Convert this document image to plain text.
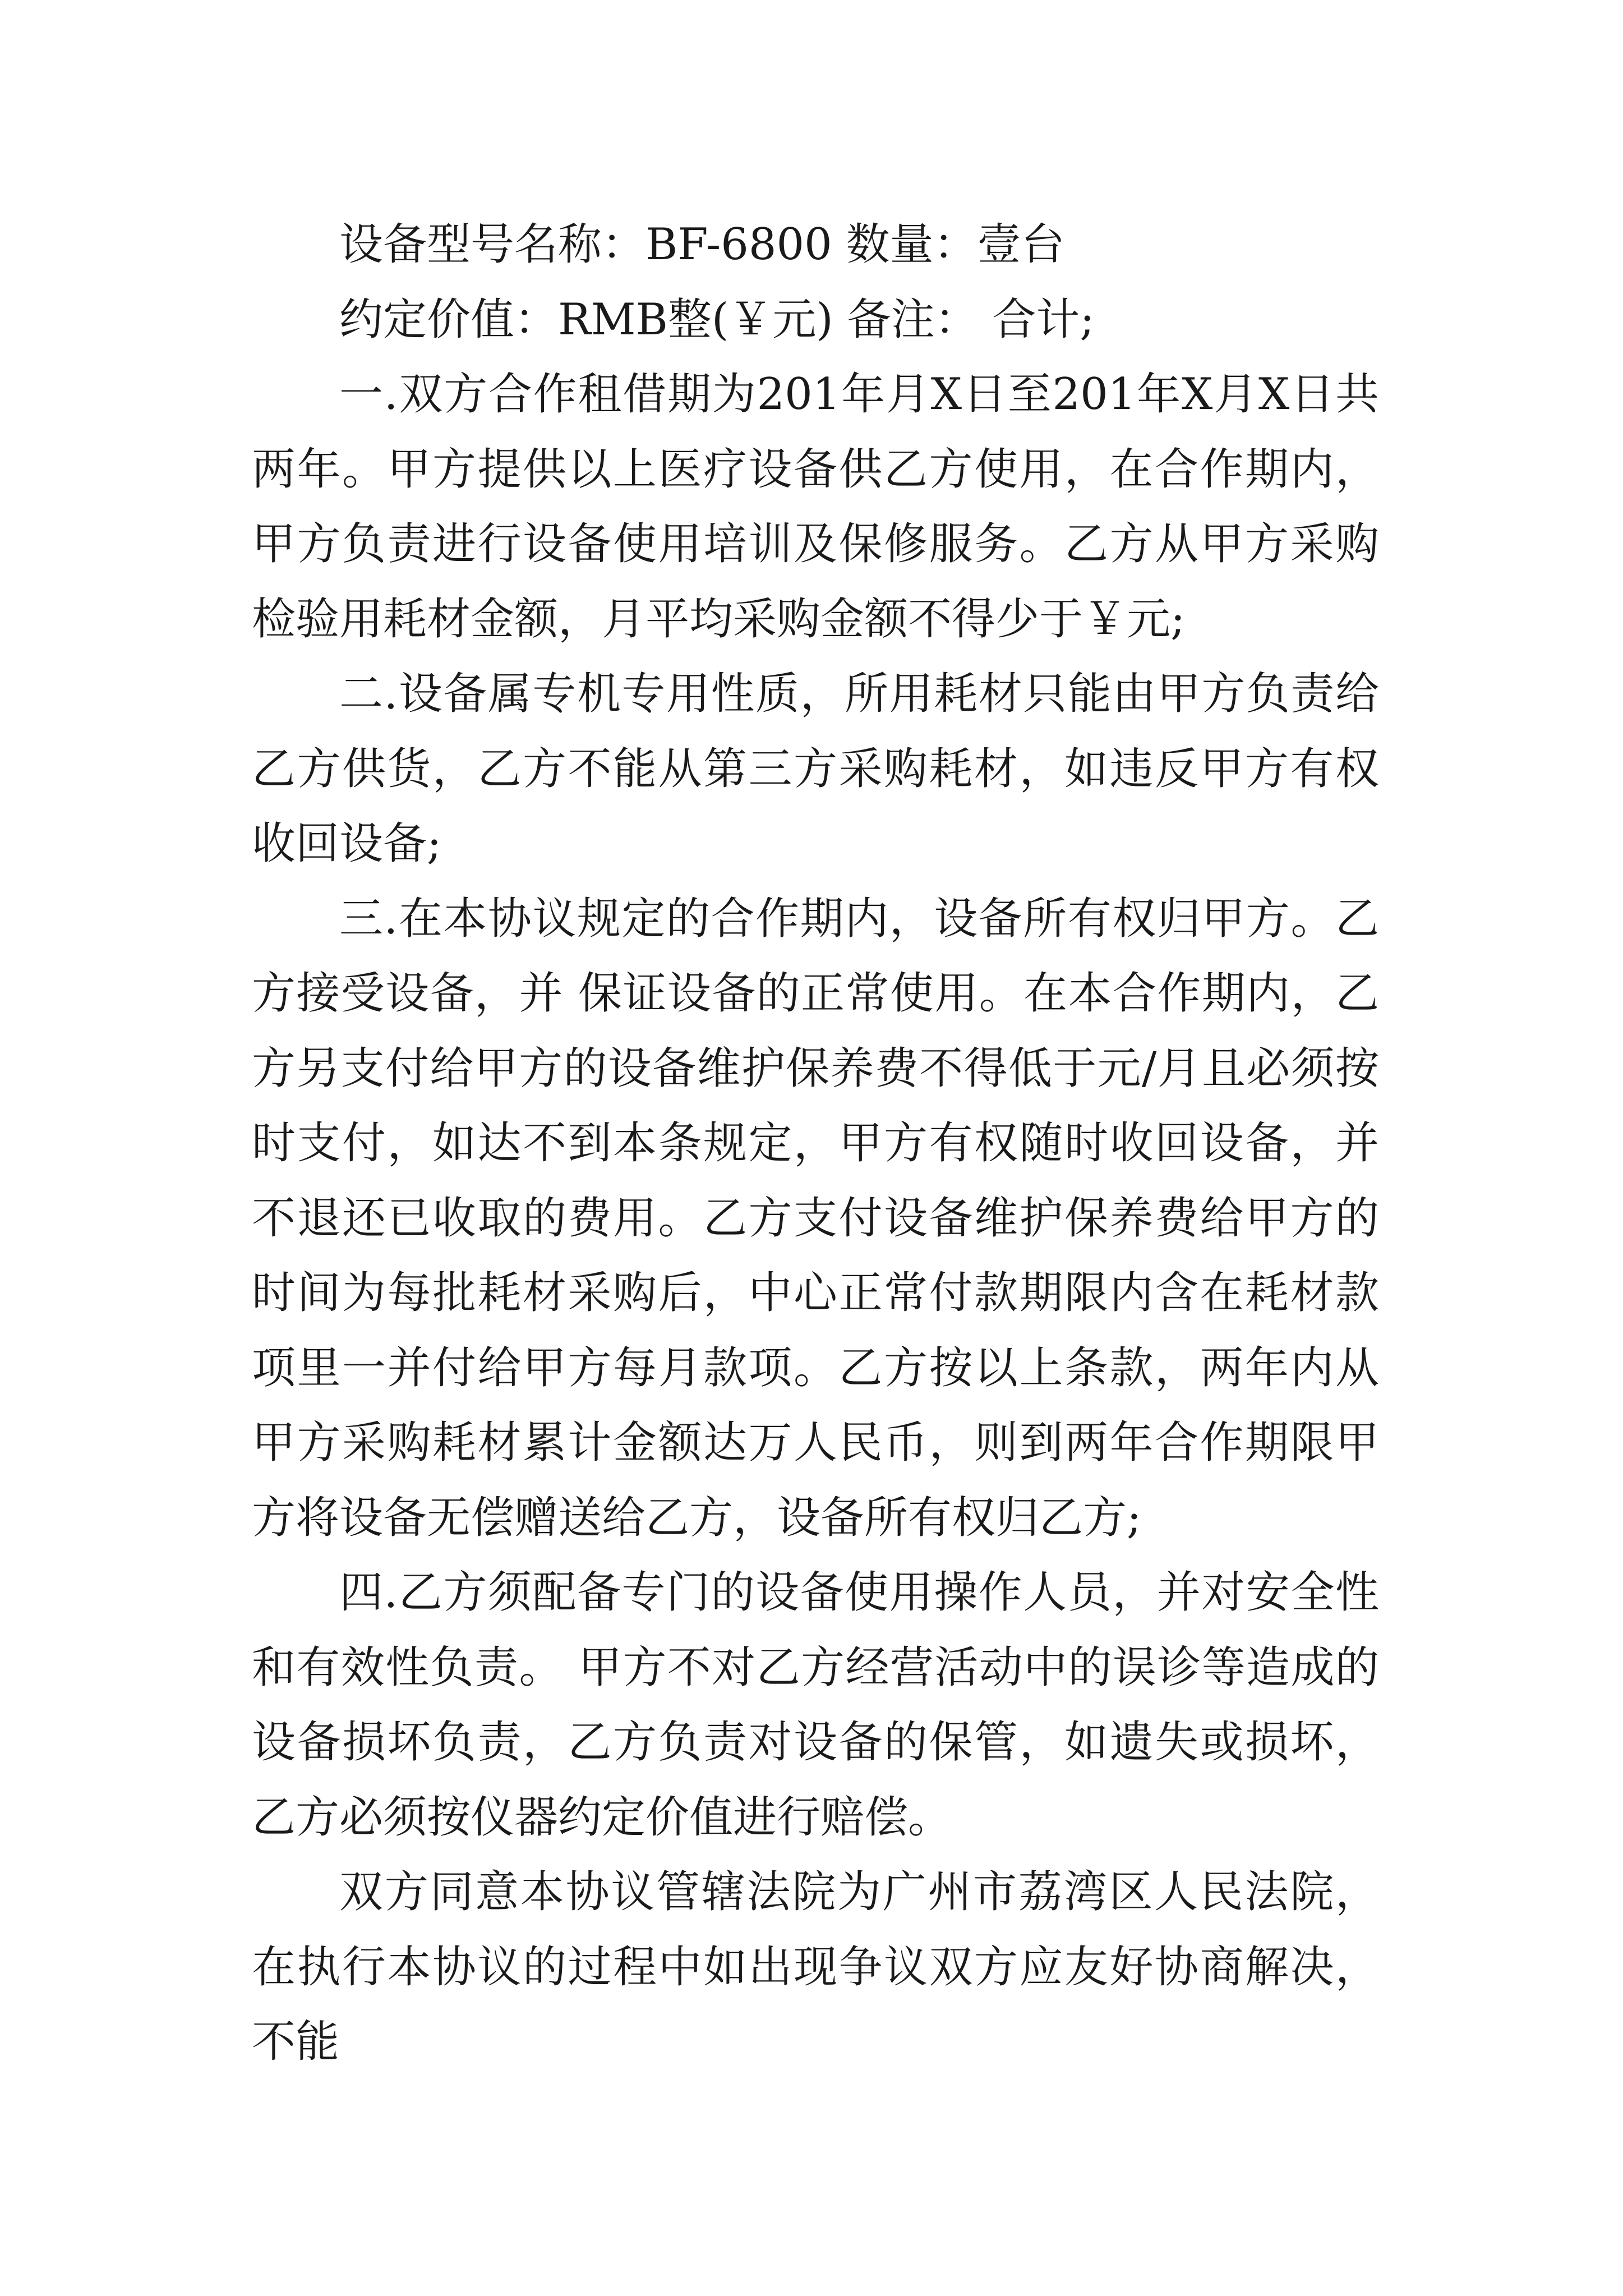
设备型号名称：BF-6800 数量：壹台

约定价值：RMB整(￥元) 备注： 合计;

一.双方合作租借期为201年月X日至201年X月X日共两年。甲方提供以上医疗设备供乙方使用，在合作期内，甲方负责进行设备使用培训及保修服务。乙方从甲方采购检验用耗材金额，月平均采购金额不得少于￥元;

二.设备属专机专用性质，所用耗材只能由甲方负责给乙方供货，乙方不能从第三方采购耗材，如违反甲方有权收回设备;

三.在本协议规定的合作期内，设备所有权归甲方。乙方接受设备，并 保证设备的正常使用。在本合作期内，乙方另支付给甲方的设备维护保养费不得低于元/月且必须按时支付，如达不到本条规定，甲方有权随时收回设备，并不退还已收取的费用。乙方支付设备维护保养费给甲方的时间为每批耗材采购后，中心正常付款期限内含在耗材款项里一并付给甲方每月款项。乙方按以上条款，两年内从甲方采购耗材累计金额达万人民币，则到两年合作期限甲方将设备无偿赠送给乙方，设备所有权归乙方;

四.乙方须配备专门的设备使用操作人员，并对安全性和有效性负责。 甲方不对乙方经营活动中的误诊等造成的设备损坏负责，乙方负责对设备的保管，如遗失或损坏，乙方必须按仪器约定价值进行赔偿。

双方同意本协议管辖法院为广州市荔湾区人民法院，在执行本协议的过程中如出现争议双方应友好协商解决，不能
